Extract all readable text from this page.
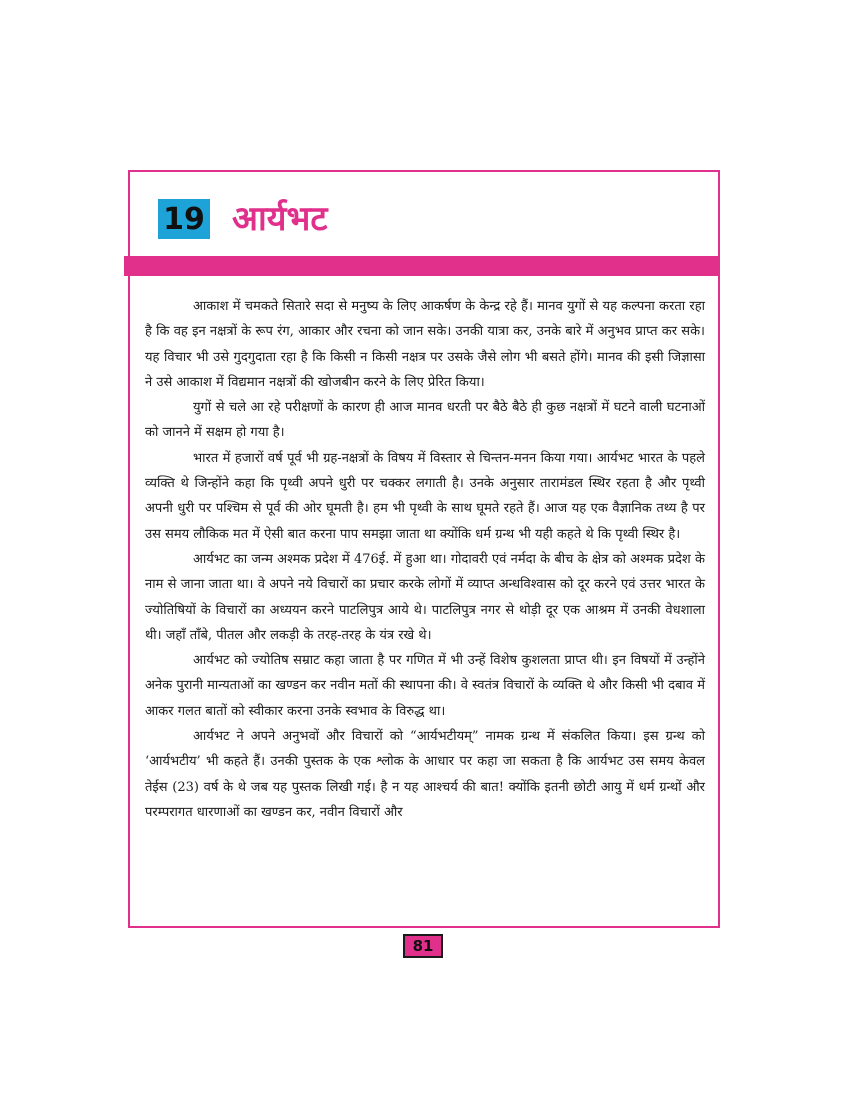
19 आर्यभट

आकाश में चमकते सितारे सदा से मनुष्य के लिए आकर्षण के केन्द्र रहे हैं। मानव युगों से यह कल्पना करता रहा है कि वह इन नक्षत्रों के रूप रंग, आकार और रचना को जान सके। उनकी यात्रा कर, उनके बारे में अनुभव प्राप्त कर सके। यह विचार भी उसे गुदगुदाता रहा है कि किसी न किसी नक्षत्र पर उसके जैसे लोग भी बसते होंगे। मानव की इसी जिज्ञासा ने उसे आकाश में विद्यमान नक्षत्रों की खोजबीन करने के लिए प्रेरित किया।

युगों से चले आ रहे परीक्षणों के कारण ही आज मानव धरती पर बैठे बैठे ही कुछ नक्षत्रों में घटने वाली घटनाओं को जानने में सक्षम हो गया है।

भारत में हजारों वर्ष पूर्व भी ग्रह-नक्षत्रों के विषय में विस्तार से चिन्तन-मनन किया गया। आर्यभट भारत के पहले व्यक्ति थे जिन्होंने कहा कि पृथ्वी अपने धुरी पर चक्कर लगाती है। उनके अनुसार तारामंडल स्थिर रहता है और पृथ्वी अपनी धुरी पर पश्चिम से पूर्व की ओर घूमती है। हम भी पृथ्वी के साथ घूमते रहते हैं। आज यह एक वैज्ञानिक तथ्य है पर उस समय लौकिक मत में ऐसी बात करना पाप समझा जाता था क्योंकि धर्म ग्रन्थ भी यही कहते थे कि पृथ्वी स्थिर है।

आर्यभट का जन्म अश्मक प्रदेश में 476ई. में हुआ था। गोदावरी एवं नर्मदा के बीच के क्षेत्र को अश्मक प्रदेश के नाम से जाना जाता था। वे अपने नये विचारों का प्रचार करके लोगों में व्याप्त अन्धविश्वास को दूर करने एवं उत्तर भारत के ज्योतिषियों के विचारों का अध्ययन करने पाटलिपुत्र आये थे। पाटलिपुत्र नगर से थोड़ी दूर एक आश्रम में उनकी वेधशाला थी। जहाँ ताँबे, पीतल और लकड़ी के तरह-तरह के यंत्र रखे थे।

आर्यभट को ज्योतिष सम्राट कहा जाता है पर गणित में भी उन्हें विशेष कुशलता प्राप्त थी। इन विषयों में उन्होंने अनेक पुरानी मान्यताओं का खण्डन कर नवीन मतों की स्थापना की। वे स्वतंत्र विचारों के व्यक्ति थे और किसी भी दबाव में आकर गलत बातों को स्वीकार करना उनके स्वभाव के विरुद्ध था।

आर्यभट ने अपने अनुभवों और विचारों को “आर्यभटीयम्” नामक ग्रन्थ में संकलित किया। इस ग्रन्थ को ‘आर्यभटीय’ भी कहते हैं। उनकी पुस्तक के एक श्लोक के आधार पर कहा जा सकता है कि आर्यभट उस समय केवल तेईस (23) वर्ष के थे जब यह पुस्तक लिखी गई। है न यह आश्चर्य की बात! क्योंकि इतनी छोटी आयु में धर्म ग्रन्थों और परम्परागत धारणाओं का खण्डन कर, नवीन विचारों और

81
